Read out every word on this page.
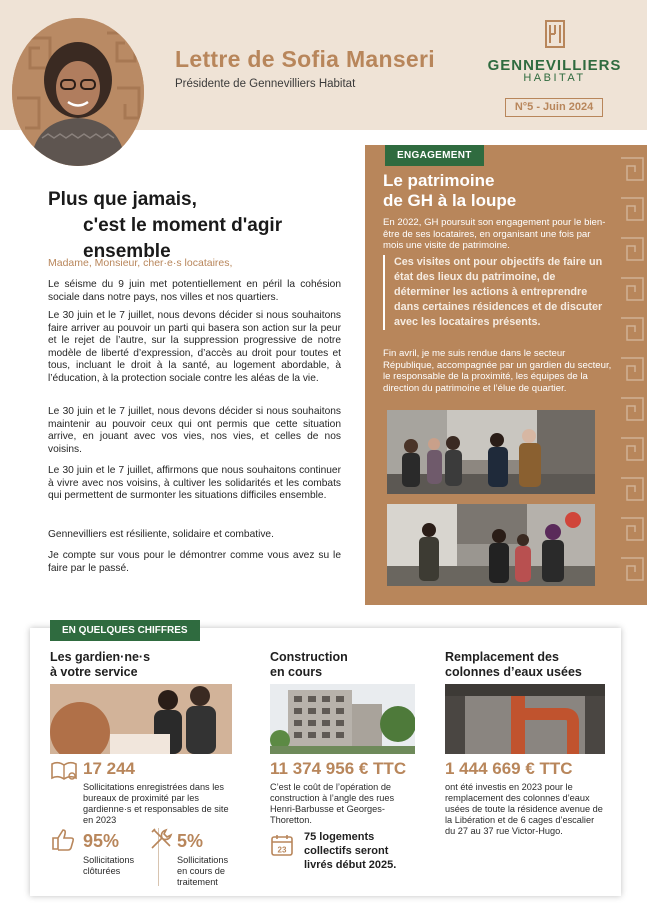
Lettre de Sofia Manseri
Présidente de Gennevilliers Habitat
GENNEVILLIERS
HABITAT
N°5 - Juin 2024
Plus que jamais,
c'est le moment d'agir ensemble
Madame, Monsieur, cher·e·s locataires,

Le séisme du 9 juin met potentiellement en péril la cohésion sociale dans notre pays, nos villes et nos quartiers.

Le 30 juin et le 7 juillet, nous devons décider si nous souhaitons faire arriver au pouvoir un parti qui basera son action sur la peur et le rejet de l’autre, sur la suppression progressive de notre modèle de liberté d’expression, d’accès au droit pour toutes et tous, incluant le droit à la santé, au logement abordable, à l’éducation, à la protection sociale contre les aléas de la vie.

Le 30 juin et le 7 juillet, nous devons décider si nous souhaitons maintenir au pouvoir ceux qui ont permis que cette situation arrive, en jouant avec vos vies, nos vies, et celles de nos voisins.

Le 30 juin et le 7 juillet, affirmons que nous souhaitons continuer à vivre avec nos voisins, à cultiver les solidarités et les combats qui permettent de surmonter les situations difficiles ensemble.

Gennevilliers est résiliente, solidaire et combative.

Je compte sur vous pour le démontrer comme vous avez su le faire par le passé.

ENGAGEMENT
Le patrimoine
de GH à la loupe

En 2022, GH poursuit son engagement pour le bien-être de ses locataires, en organisant une fois par mois une visite de patrimoine.

Ces visites ont pour objectifs de faire un état des lieux du patrimoine, de déterminer les actions à entreprendre dans certaines résidences et de discuter avec les locataires présents.

Fin avril, je me suis rendue dans le secteur République, accompagnée par un gardien du secteur, le responsable de la proximité, les équipes de la direction du patrimoine et l’élue de quartier.

EN QUELQUES CHIFFRES
Les gardien·ne·s
à votre service
17 244

Sollicitations enregistrées dans les bureaux de proximité par les gardienne·s et responsables de site en 2023

95%
Sollicitations
clôturées
5%
Sollicitations
en cours de
traitement
Construction
en cours
11 374 956 € TTC

C’est le coût de l’opération de construction à l’angle des rues Henri-Barbusse et Georges-Thoretton.

23
75 logements
collectifs seront
livrés début 2025.
Remplacement des
colonnes d’eaux usées
1 444 669 € TTC

ont été investis en 2023 pour le remplacement des colonnes d’eaux usées de toute la résidence avenue de la Libération et de 6 cages d’escalier du 27 au 37 rue Victor-Hugo.
